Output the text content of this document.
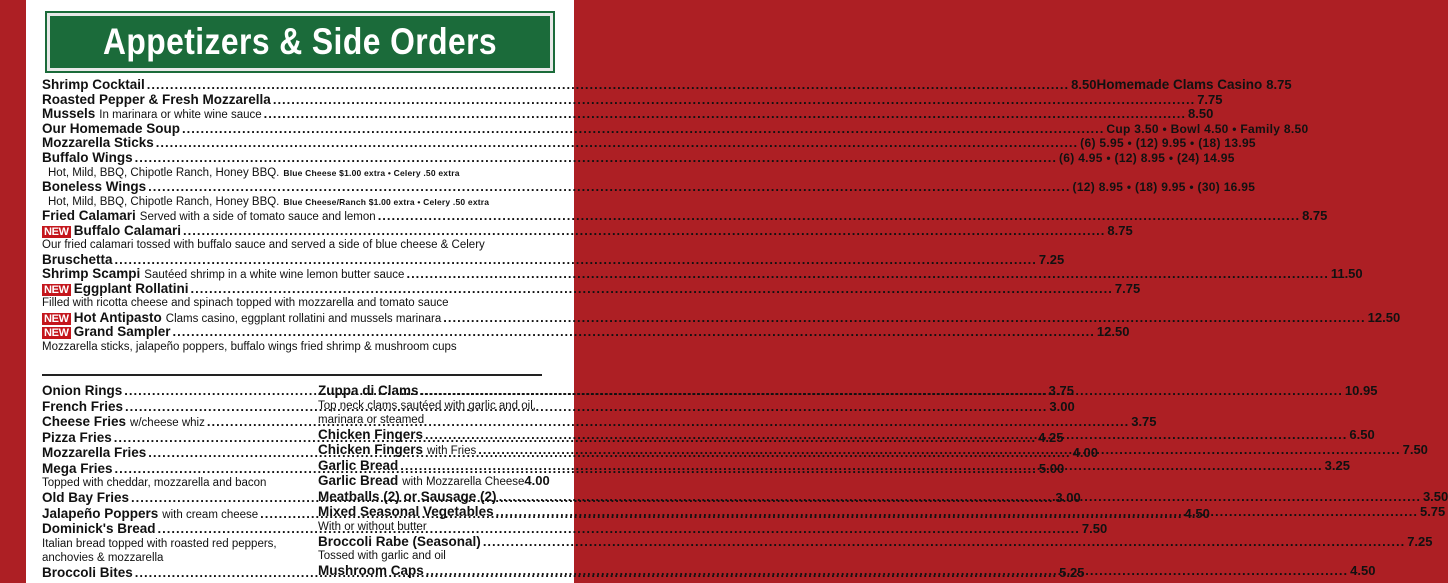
Appetizers & Side Orders
Shrimp Cocktail .....	8.50 Homemade Clams Casino 8.75
Roasted Pepper & Fresh Mozzarella .....	7.75
Mussels In marinara or white wine sauce .....	8.50
Our Homemade Soup .....	Cup 3.50 • Bowl 4.50 • Family 8.50
Mozzarella Sticks .....	(6) 5.95 • (12) 9.95 • (18) 13.95
Buffalo Wings .....	(6) 4.95 • (12) 8.95 • (24) 14.95
Hot, Mild, BBQ, Chipotle Ranch, Honey BBQ. Blue Cheese $1.00 extra • Celery .50 extra
Boneless Wings .....	(12) 8.95 • (18) 9.95 • (30) 16.95
Hot, Mild, BBQ, Chipotle Ranch, Honey BBQ. Blue Cheese/Ranch $1.00 extra • Celery .50 extra
Fried Calamari Served with a side of tomato sauce and lemon .....	8.75
NEW Buffalo Calamari .....	8.75
Our fried calamari tossed with buffalo sauce and served a side of blue cheese & Celery
Bruschetta .....	7.25
Shrimp Scampi Sautéed shrimp in a white wine lemon butter sauce .....	11.50
NEW Eggplant Rollatini .....	7.75
Filled with ricotta cheese and spinach topped with mozzarella and tomato sauce
NEW Hot Antipasto Clams casino, eggplant rollatini and mussels marinara .....	12.50
NEW Grand Sampler .....	12.50
Mozzarella sticks, jalapeño poppers, buffalo wings fried shrimp & mushroom cups
Onion Rings .....	3.75
French Fries .....	3.00
Cheese Fries w/cheese whiz .....	3.75
Pizza Fries .....	4.25
Mozzarella Fries .....	4.00
Mega Fries .....	5.00
Topped with cheddar, mozzarella and bacon
Old Bay Fries .....	3.00
Jalapeño Poppers with cream cheese .....	4.50
Dominick's Bread .....	7.50
Italian bread topped with roasted red peppers,
anchovies & mozzarella
Broccoli Bites .....	5.25
Zuppa di Clams .....	10.95
Top neck clams sautéed with garlic and oil,
marinara or steamed
Chicken Fingers .....	6.50
Chicken Fingers with Fries .....	7.50
Garlic Bread .....	3.25
Garlic Bread with Mozzarella Cheese 4.00
Meatballs (2) or Sausage (2) .....	3.50
Mixed Seasonal Vegetables .....	5.75
With or without butter
Broccoli Rabe (Seasonal) .....	7.25
Tossed with garlic and oil
Mushroom Caps .....	4.50
